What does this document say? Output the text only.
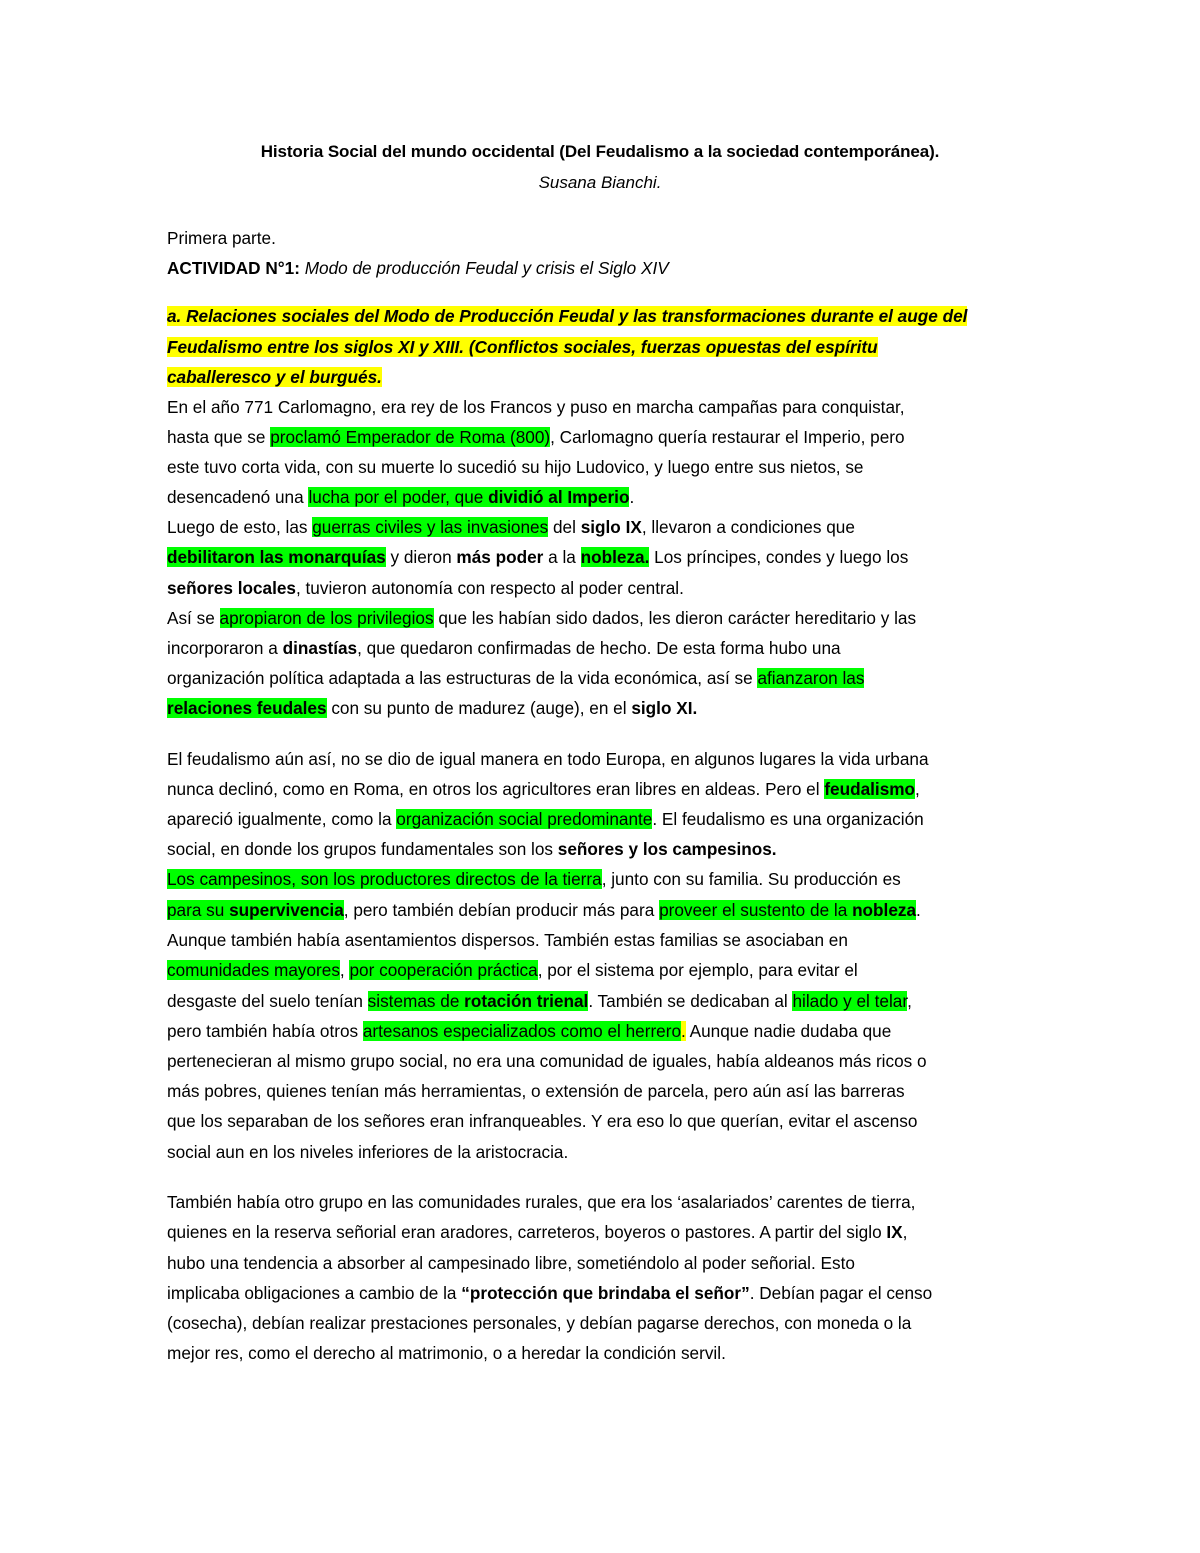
Historia Social del mundo occidental (Del Feudalismo a la sociedad contemporánea).
Susana Bianchi.
Primera parte.
ACTIVIDAD N°1: Modo de producción Feudal y crisis el Siglo XIV
a. Relaciones sociales del Modo de Producción Feudal y las transformaciones durante el auge del
Feudalismo entre los siglos XI y XIII. (Conflictos sociales, fuerzas opuestas del espíritu
caballeresco y el burgués.
En el año 771 Carlomagno, era rey de los Francos y puso en marcha campañas para conquistar,
hasta que se proclamó Emperador de Roma (800), Carlomagno quería restaurar el Imperio, pero
este tuvo corta vida, con su muerte lo sucedió su hijo Ludovico, y luego entre sus nietos, se
desencadenó una lucha por el poder, que dividió al Imperio.
Luego de esto, las guerras civiles y las invasiones del siglo IX, llevaron a condiciones que
debilitaron las monarquías y dieron más poder a la nobleza. Los príncipes, condes y luego los
señores locales, tuvieron autonomía con respecto al poder central.
Así se apropiaron de los privilegios que les habían sido dados, les dieron carácter hereditario y las
incorporaron a dinastías, que quedaron confirmadas de hecho. De esta forma hubo una
organización política adaptada a las estructuras de la vida económica, así se afianzaron las
relaciones feudales con su punto de madurez (auge), en el siglo XI.
El feudalismo aún así, no se dio de igual manera en todo Europa, en algunos lugares la vida urbana
nunca declinó, como en Roma, en otros los agricultores eran libres en aldeas. Pero el feudalismo,
apareció igualmente, como la organización social predominante. El feudalismo es una organización
social, en donde los grupos fundamentales son los señores y los campesinos.
Los campesinos, son los productores directos de la tierra, junto con su familia. Su producción es
para su supervivencia, pero también debían producir más para proveer el sustento de la nobleza.
Aunque también había asentamientos dispersos. También estas familias se asociaban en
comunidades mayores, por cooperación práctica, por el sistema por ejemplo, para evitar el
desgaste del suelo tenían sistemas de rotación trienal. También se dedicaban al hilado y el telar,
pero también había otros artesanos especializados como el herrero. Aunque nadie dudaba que
pertenecieran al mismo grupo social, no era una comunidad de iguales, había aldeanos más ricos o
más pobres, quienes tenían más herramientas, o extensión de parcela, pero aún así las barreras
que los separaban de los señores eran infranqueables. Y era eso lo que querían, evitar el ascenso
social aun en los niveles inferiores de la aristocracia.
También había otro grupo en las comunidades rurales, que era los ‘asalariados’ carentes de tierra,
quienes en la reserva señorial eran aradores, carreteros, boyeros o pastores. A partir del siglo IX,
hubo una tendencia a absorber al campesinado libre, sometiéndolo al poder señorial. Esto
implicaba obligaciones a cambio de la “protección que brindaba el señor”. Debían pagar el censo
(cosecha), debían realizar prestaciones personales, y debían pagarse derechos, con moneda o la
mejor res, como el derecho al matrimonio, o a heredar la condición servil.
